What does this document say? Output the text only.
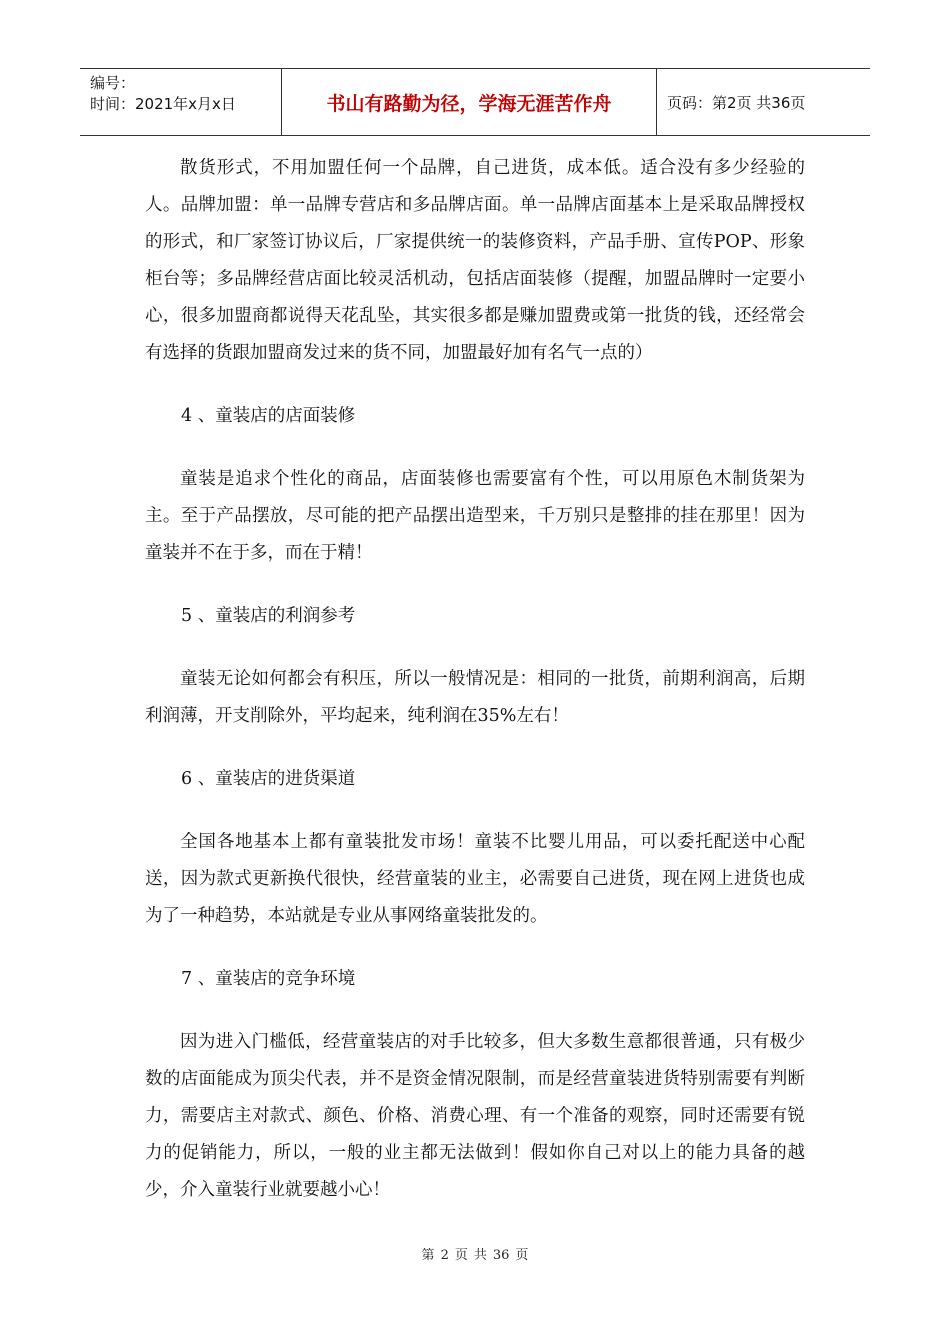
编号：
时间：2021年x月x日	书山有路勤为径，学海无涯苦作舟	页码：第2页 共36页

散货形式，不用加盟任何一个品牌，自己进货，成本低。适合没有多少经验的人。品牌加盟：单一品牌专营店和多品牌店面。单一品牌店面基本上是采取品牌授权的形式，和厂家签订协议后，厂家提供统一的装修资料，产品手册、宣传POP、形象柜台等；多品牌经营店面比较灵活机动，包括店面装修（提醒，加盟品牌时一定要小心，很多加盟商都说得天花乱坠，其实很多都是赚加盟费或第一批货的钱，还经常会有选择的货跟加盟商发过来的货不同，加盟最好加有名气一点的）

4 、童装店的店面装修

童装是追求个性化的商品，店面装修也需要富有个性，可以用原色木制货架为主。至于产品摆放，尽可能的把产品摆出造型来，千万别只是整排的挂在那里！因为童装并不在于多，而在于精！

5 、童装店的利润参考

童装无论如何都会有积压，所以一般情况是：相同的一批货，前期利润高，后期利润薄，开支削除外，平均起来，纯利润在35%左右！

6 、童装店的进货渠道

全国各地基本上都有童装批发市场！童装不比婴儿用品，可以委托配送中心配送，因为款式更新换代很快，经营童装的业主，必需要自己进货，现在网上进货也成为了一种趋势，本站就是专业从事网络童装批发的。

7 、童装店的竞争环境

因为进入门槛低，经营童装店的对手比较多，但大多数生意都很普通，只有极少数的店面能成为顶尖代表，并不是资金情况限制，而是经营童装进货特别需要有判断力，需要店主对款式、颜色、价格、消费心理、有一个准备的观察，同时还需要有锐力的促销能力，所以，一般的业主都无法做到！假如你自己对以上的能力具备的越少，介入童装行业就要越小心！

第 2 页 共 36 页
